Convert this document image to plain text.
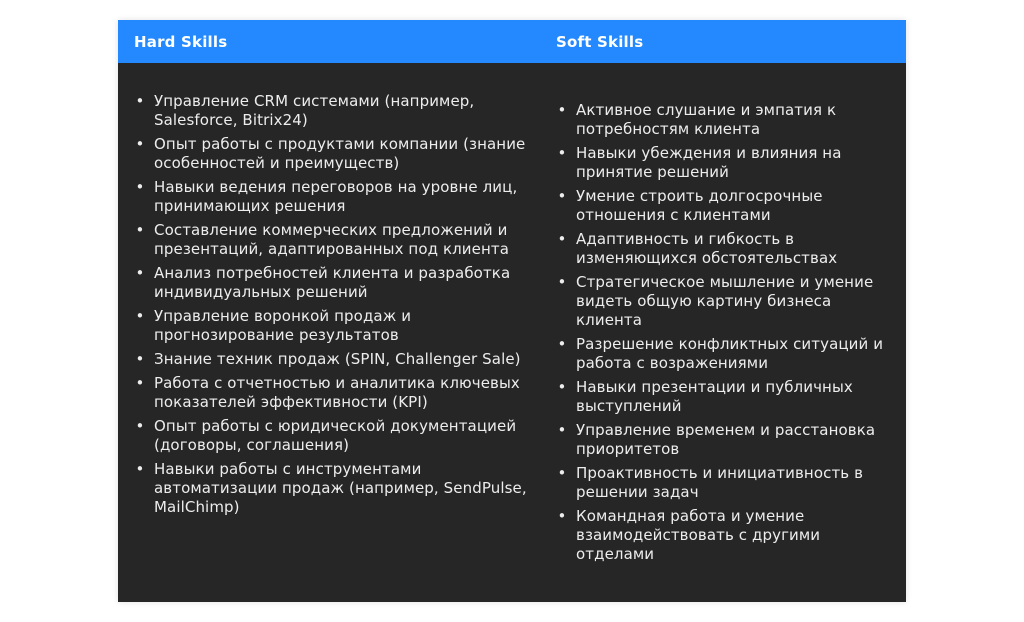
Hard Skills	Soft Skills
• Управление CRM системами (например, Salesforce, Bitrix24)
• Опыт работы с продуктами компании (знание особенностей и преимуществ)
• Навыки ведения переговоров на уровне лиц, принимающих решения
• Составление коммерческих предложений и презентаций, адаптированных под клиента
• Анализ потребностей клиента и разработка индивидуальных решений
• Управление воронкой продаж и прогнозирование результатов
• Знание техник продаж (SPIN, Challenger Sale)
• Работа с отчетностью и аналитика ключевых показателей эффективности (KPI)
• Опыт работы с юридической документацией (договоры, соглашения)
• Навыки работы с инструментами автоматизации продаж (например, SendPulse, MailChimp)
• Активное слушание и эмпатия к потребностям клиента
• Навыки убеждения и влияния на принятие решений
• Умение строить долгосрочные отношения с клиентами
• Адаптивность и гибкость в изменяющихся обстоятельствах
• Стратегическое мышление и умение видеть общую картину бизнеса клиента
• Разрешение конфликтных ситуаций и работа с возражениями
• Навыки презентации и публичных выступлений
• Управление временем и расстановка приоритетов
• Проактивность и инициативность в решении задач
• Командная работа и умение взаимодействовать с другими отделами
